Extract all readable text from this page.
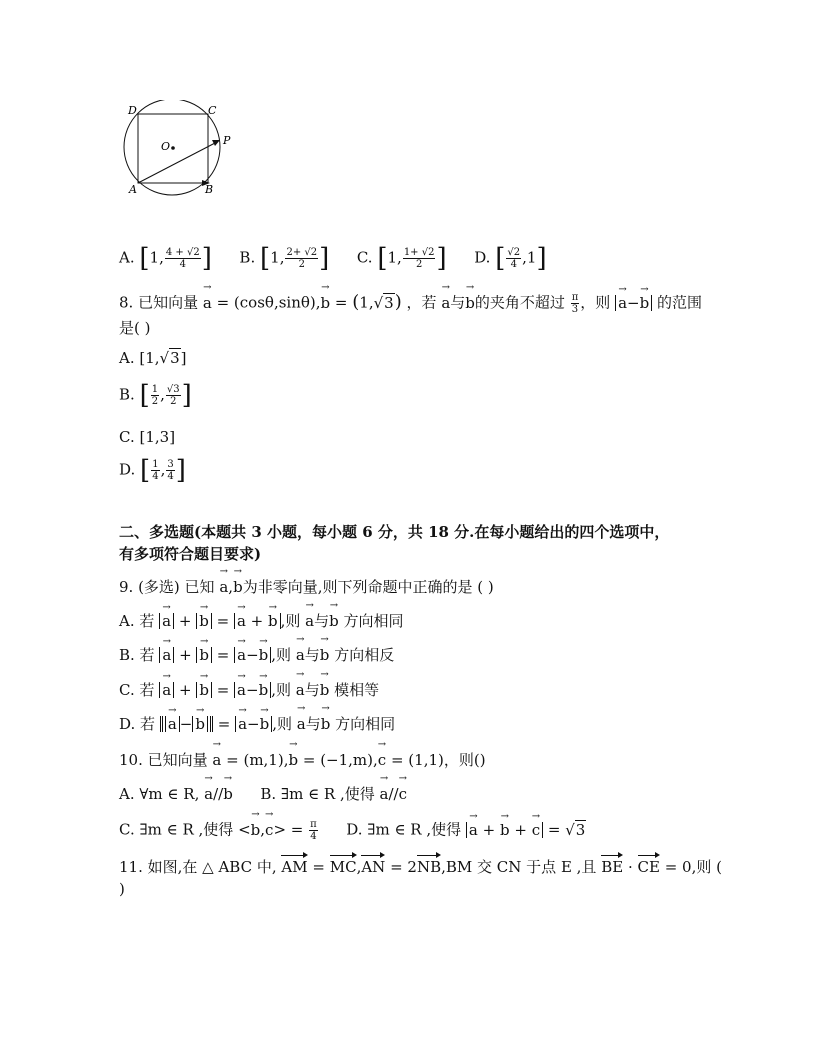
D	C
O	P
A	B
A. [1, $\frac{4 + √2}{4}$ ] B. [1, $\frac{2+ √2}{2}$ ] C. [1, $\frac{1+ √2}{2}$ ] D. [ $\frac{√2}{4} ,1$]
8. 已知向量 → a = (cosθ,sinθ),→ b = (1,√3) ，若 → a与→ b的夹角不超过 $\frac{\pi}{3}$ ，则 → a−→ b 的范围
是( )
A. [1,√3]
B. [ $\frac{1}{2}$ , $\frac{√3}{2}$ ]
C. [1,3]
D. [ $\frac{1}{4}$ , $\frac{3}{4}$ ]
二、多选题(本题共 3 小题，每小题 6 分，共 18 分.在每小题给出的四个选项中，
有多项符合题目要求)
9. (多选) 已知 → a,→ b为非零向量,则下列命题中正确的是 ( )
A. 若 → a + → b = → a + → b ,则 → a与→ b 方向相同
B. 若 → a + → b = → a−→ b ,则 → a与→ b 方向相反
C. 若 → a + → b = → a−→ b ,则 → a与→ b 模相等
D. 若 → a − → b = → a−→ b ,则 → a与→ b 方向相同
10. 已知向量 → a = (m,1),→ b = (−1,m),→ c = (1,1)，则()
A. ∀m ∈ R, → a//→ b B. ∃m ∈ R ,使得 → a//→ c
C. ∃m ∈ R ,使得 <→ $b,\to c> = \frac{\pi}{4} D$. ∃m ∈ R ,使得 → a + → b + → c = √3
11. 如图,在 △ ABC 中, AM = MC,AN = 2NB,BM 交 CN 于点 E ,且 BE · CE = 0,则 (
)
